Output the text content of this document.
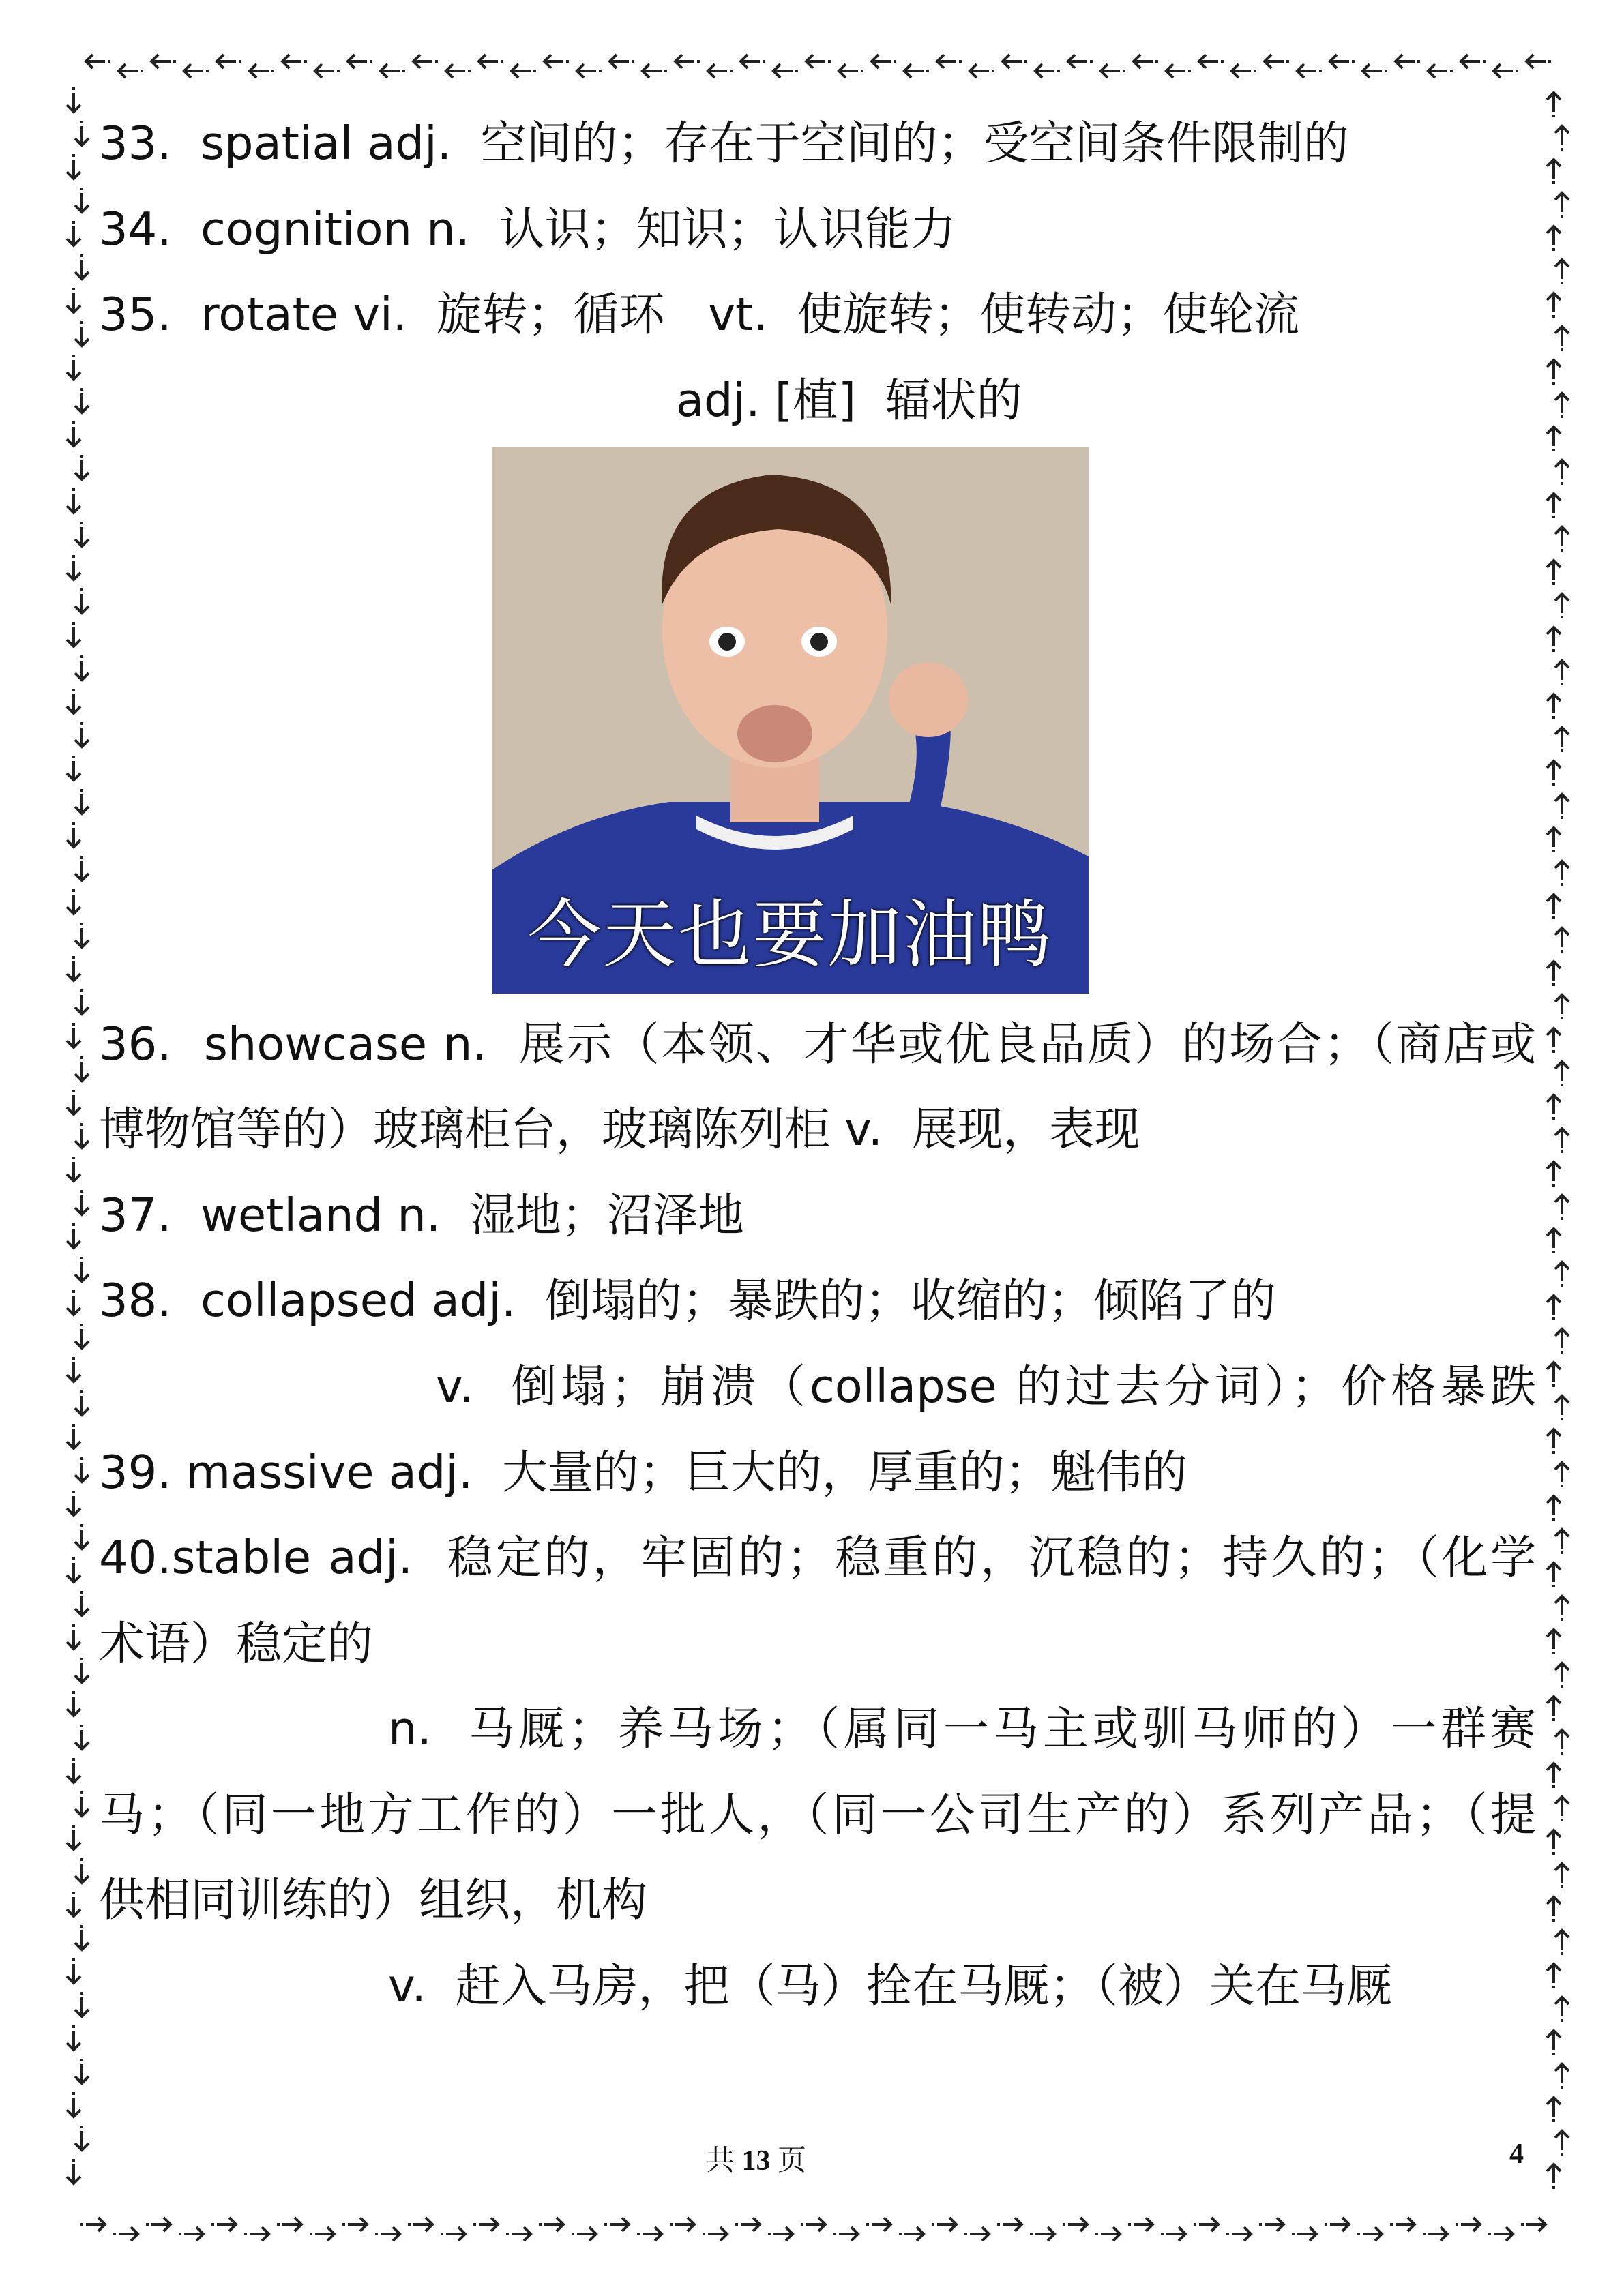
33.  spatial adj.  空间的；存在于空间的；受空间条件限制的
34.  cognition n.  认识；知识；认识能力
35.  rotate vi.  旋转；循环   vt.  使旋转；使转动；使轮流
adj. [植]  辐状的
今天也要加油鸭
36.  showcase n.  展示（本领、才华或优良品质）的场合；（商店或
博物馆等的）玻璃柜台，玻璃陈列柜 v.  展现，表现
37.  wetland n.  湿地；沼泽地
38.  collapsed adj.  倒塌的；暴跌的；收缩的；倾陷了的
v.  倒塌；崩溃（collapse 的过去分词）；价格暴跌
39. massive adj.  大量的；巨大的，厚重的；魁伟的
40.stable adj.  稳定的，牢固的；稳重的，沉稳的；持久的；（化学
术语）稳定的
n.  马厩；养马场；（属同一马主或驯马师的）一群赛
马；（同一地方工作的）一批人，（同一公司生产的）系列产品；（提
供相同训练的）组织，机构
v.  赶入马房，把（马）拴在马厩；（被）关在马厩
共 13 页	4
